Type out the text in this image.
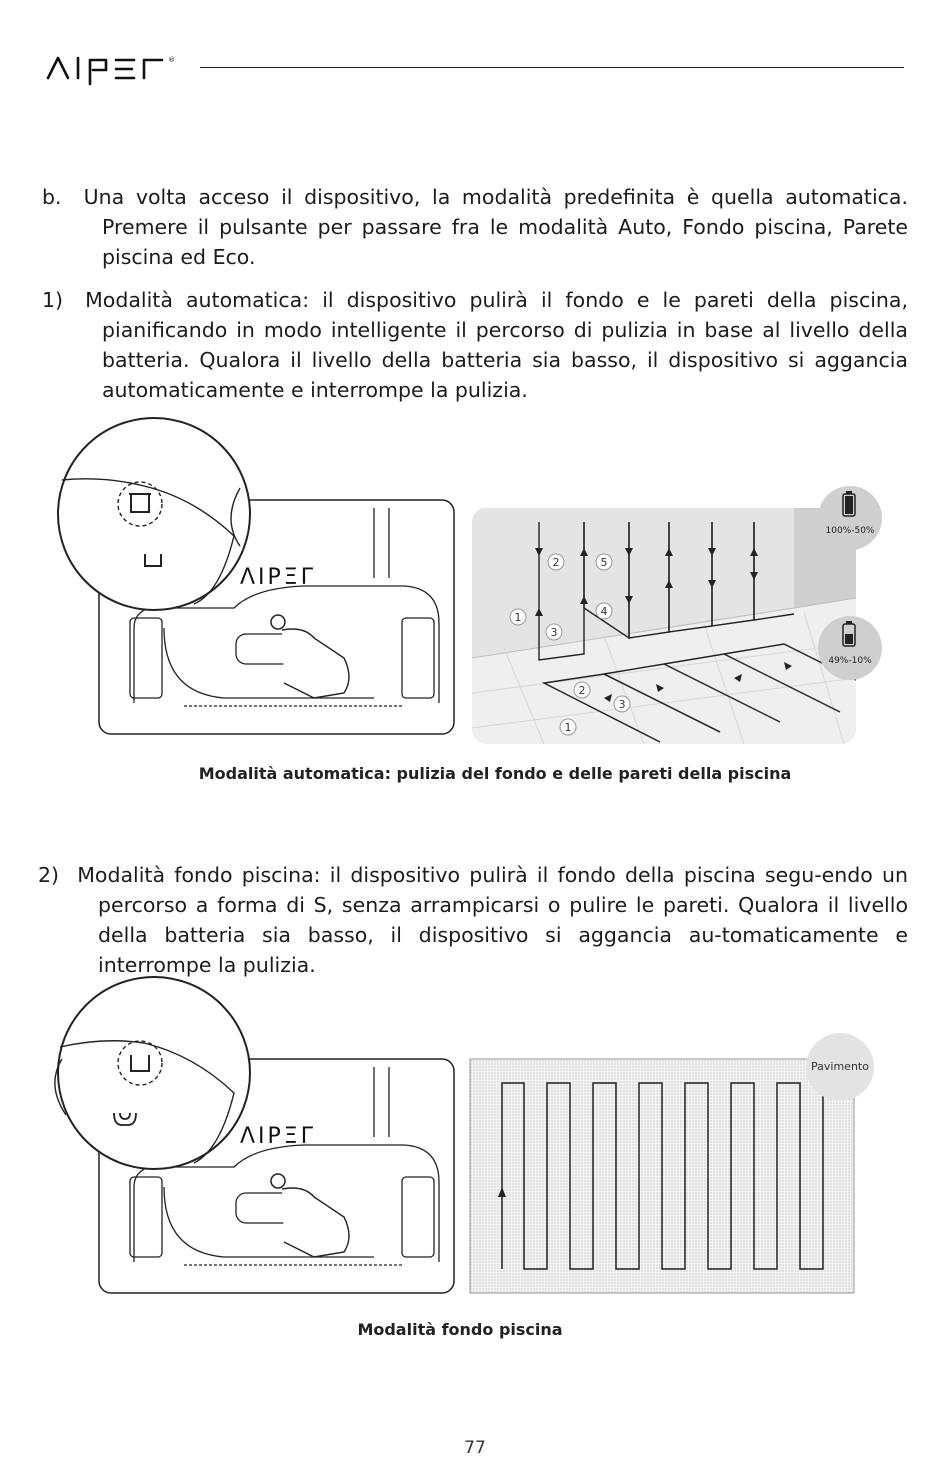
®
b. Una volta acceso il dispositivo, la modalità predefinita è quella automatica. Premere il pulsante per passare fra le modalità Auto, Fondo piscina, Parete piscina ed Eco.
1) Modalità automatica: il dispositivo pulirà il fondo e le pareti della piscina, pianificando in modo intelligente il percorso di pulizia in base al livello della batteria. Qualora il livello della batteria sia basso, il dispositivo si aggancia automaticamente e interrompe la pulizia.
ΛIPΞΓ
1
2
3
4
5
1
2
3
100%-50%
49%-10%
Modalità automatica: pulizia del fondo e delle pareti della piscina
2) Modalità fondo piscina: il dispositivo pulirà il fondo della piscina segu-endo un percorso a forma di S, senza arrampicarsi o pulire le pareti. Qualora il livello della batteria sia basso, il dispositivo si aggancia au-tomaticamente e interrompe la pulizia.
ΛIPΞΓ
Pavimento
Modalità fondo piscina
77
